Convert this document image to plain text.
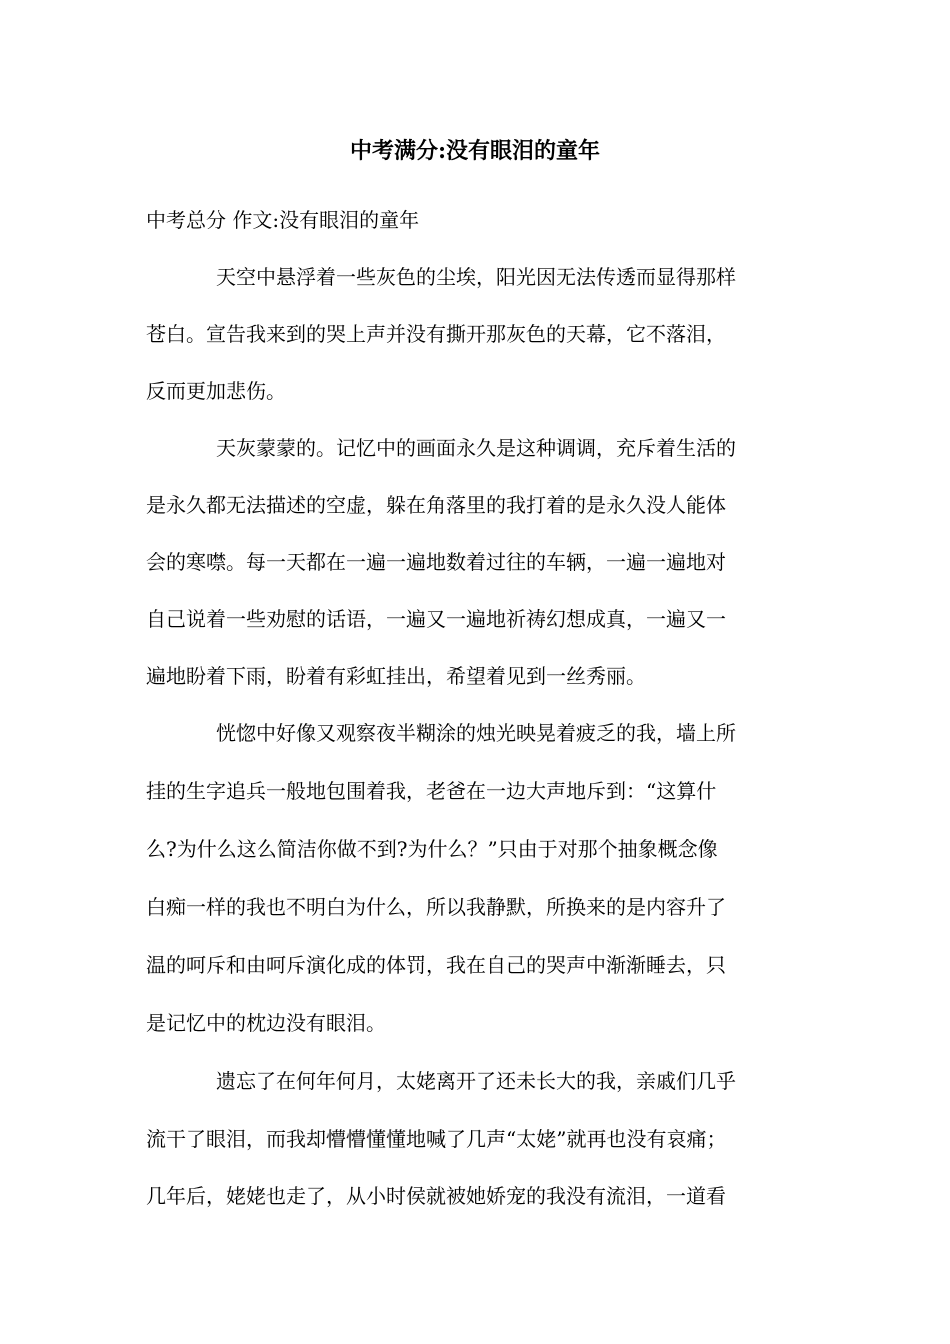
中考满分:没有眼泪的童年
中考总分 作文:没有眼泪的童年
天空中悬浮着一些灰色的尘埃，阳光因无法传透而显得那样
苍白。宣告我来到的哭上声并没有撕开那灰色的天幕，它不落泪，
反而更加悲伤。
天灰蒙蒙的。记忆中的画面永久是这种调调，充斥着生活的
是永久都无法描述的空虚，躲在角落里的我打着的是永久没人能体
会的寒噤。每一天都在一遍一遍地数着过往的车辆，一遍一遍地对
自己说着一些劝慰的话语，一遍又一遍地祈祷幻想成真，一遍又一
遍地盼着下雨，盼着有彩虹挂出，希望着见到一丝秀丽。
恍惚中好像又观察夜半糊涂的烛光映晃着疲乏的我，墙上所
挂的生字追兵一般地包围着我，老爸在一边大声地斥到：“这算什
么?为什么这么简洁你做不到?为什么？”只由于对那个抽象概念像
白痴一样的我也不明白为什么，所以我静默，所换来的是内容升了
温的呵斥和由呵斥演化成的体罚，我在自己的哭声中渐渐睡去，只
是记忆中的枕边没有眼泪。
遗忘了在何年何月，太姥离开了还未长大的我，亲戚们几乎
流干了眼泪，而我却懵懵懂懂地喊了几声“太姥”就再也没有哀痛；
几年后，姥姥也走了，从小时侯就被她娇宠的我没有流泪，一道看
